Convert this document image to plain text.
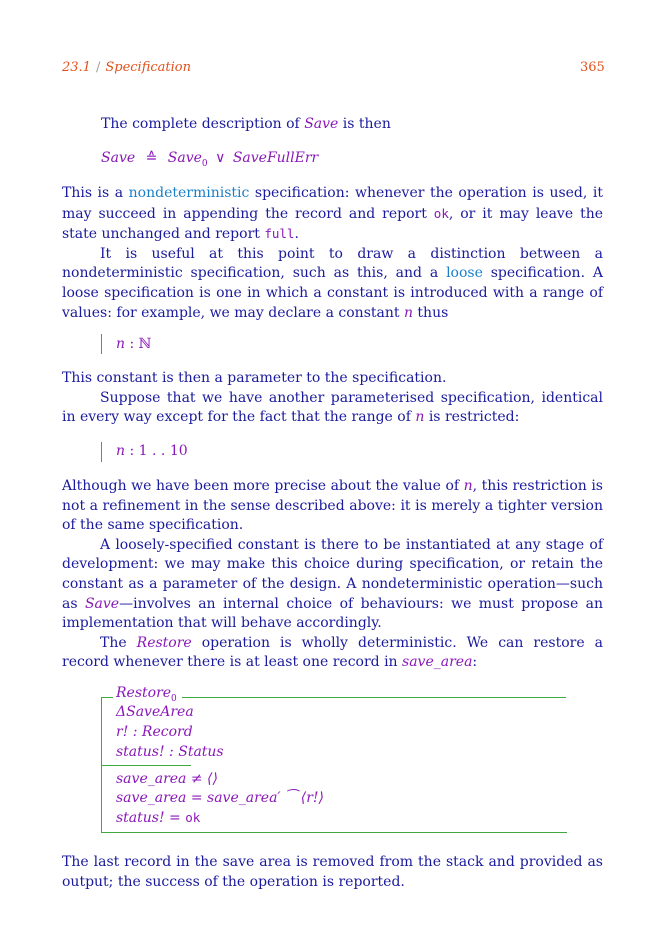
23.1 / Specification	365
The complete description of Save is then
Save ≙ Save$_0$ ∨ SaveFullErr

This is a nondeterministic specification: whenever the operation is used, it may succeed in appending the record and report ok, or it may leave the state unchanged and report full.

It is useful at this point to draw a distinction between a nondeterministic specification, such as this, and a loose specification. A loose specification is one in which a constant is introduced with a range of values: for example, we may declare a constant n thus

n : ℕ

This constant is then a parameter to the specification.

Suppose that we have another parameterised specification, identical in every way except for the fact that the range of n is restricted:

n : 1 . . 10

Although we have been more precise about the value of n, this restriction is not a refinement in the sense described above: it is merely a tighter version of the same specification.

A loosely-specified constant is there to be instantiated at any stage of development: we may make this choice during specification, or retain the constant as a parameter of the design. A nondeterministic operation—such as Save—involves an internal choice of behaviours: we must propose an implementation that will behave accordingly.

The Restore operation is wholly deterministic. We can restore a record whenever there is at least one record in save_area:

Restore$_0$
ΔSaveArea
r! : Record
status! : Status
save_area ≠ ⟨⟩
save_area = save_area′ ⁀ ⟨r!⟩
status! = ok

The last record in the save area is removed from the stack and provided as output; the success of the operation is reported.
